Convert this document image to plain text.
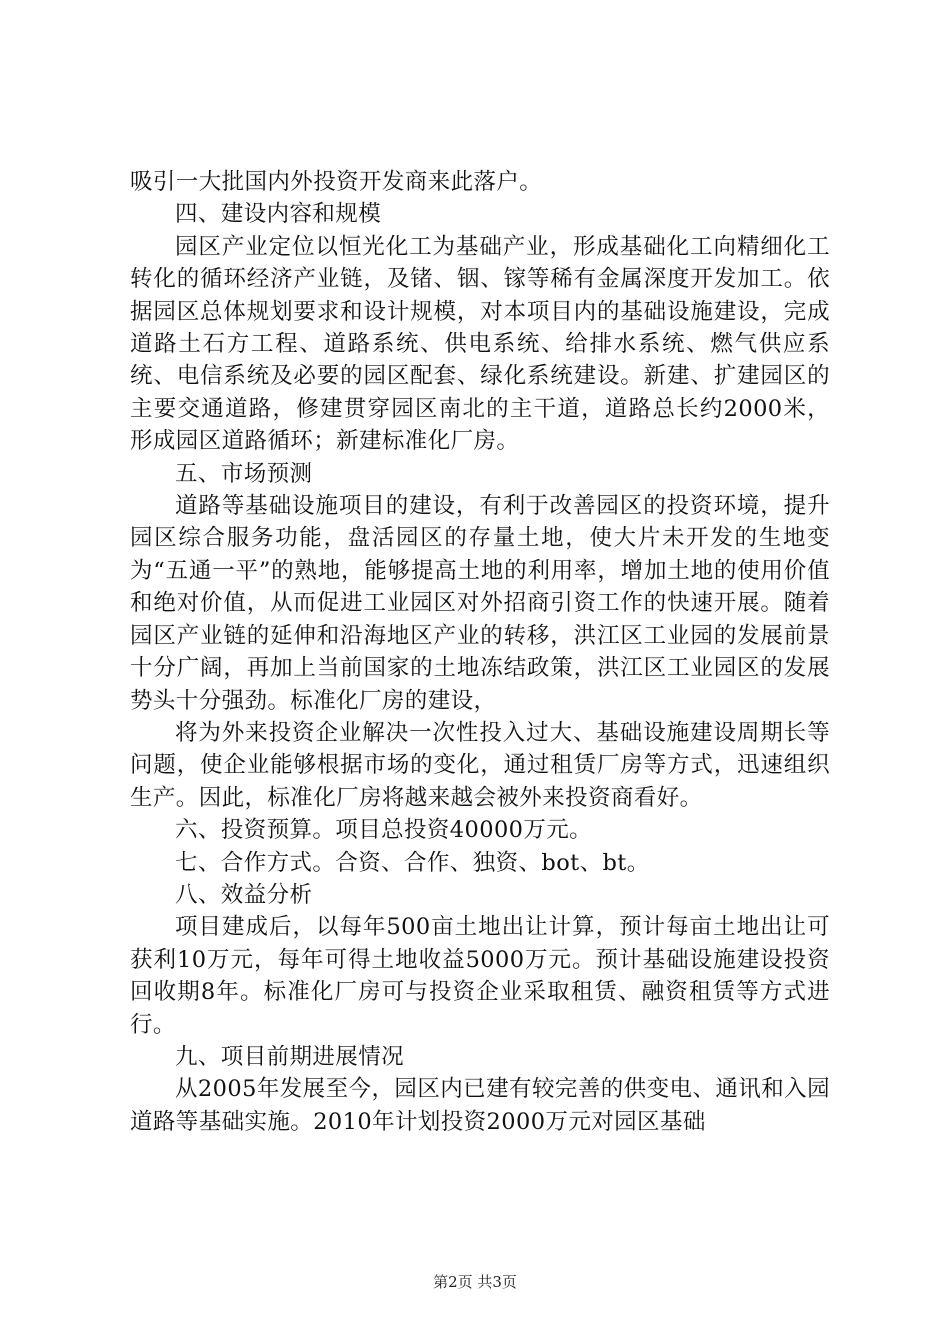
吸引一大批国内外投资开发商来此落户。

四、建设内容和规模

园区产业定位以恒光化工为基础产业，形成基础化工向精细化工转化的循环经济产业链，及锗、铟、镓等稀有金属深度开发加工。依据园区总体规划要求和设计规模，对本项目内的基础设施建设，完成道路土石方工程、道路系统、供电系统、给排水系统、燃气供应系统、电信系统及必要的园区配套、绿化系统建设。新建、扩建园区的主要交通道路，修建贯穿园区南北的主干道，道路总长约2000米，形成园区道路循环；新建标准化厂房。

五、市场预测

道路等基础设施项目的建设，有利于改善园区的投资环境，提升园区综合服务功能，盘活园区的存量土地，使大片未开发的生地变为“五通一平”的熟地，能够提高土地的利用率，增加土地的使用价值和绝对价值，从而促进工业园区对外招商引资工作的快速开展。随着园区产业链的延伸和沿海地区产业的转移，洪江区工业园的发展前景十分广阔，再加上当前国家的土地冻结政策，洪江区工业园区的发展势头十分强劲。标准化厂房的建设，

将为外来投资企业解决一次性投入过大、基础设施建设周期长等问题，使企业能够根据市场的变化，通过租赁厂房等方式，迅速组织生产。因此，标准化厂房将越来越会被外来投资商看好。

六、投资预算。项目总投资40000万元。

七、合作方式。合资、合作、独资、bot、bt。

八、效益分析

项目建成后，以每年500亩土地出让计算，预计每亩土地出让可获利10万元，每年可得土地收益5000万元。预计基础设施建设投资回收期8年。标准化厂房可与投资企业采取租赁、融资租赁等方式进行。

九、项目前期进展情况

从2005年发展至今，园区内已建有较完善的供变电、通讯和入园道路等基础实施。2010年计划投资2000万元对园区基础

第2页 共3页
